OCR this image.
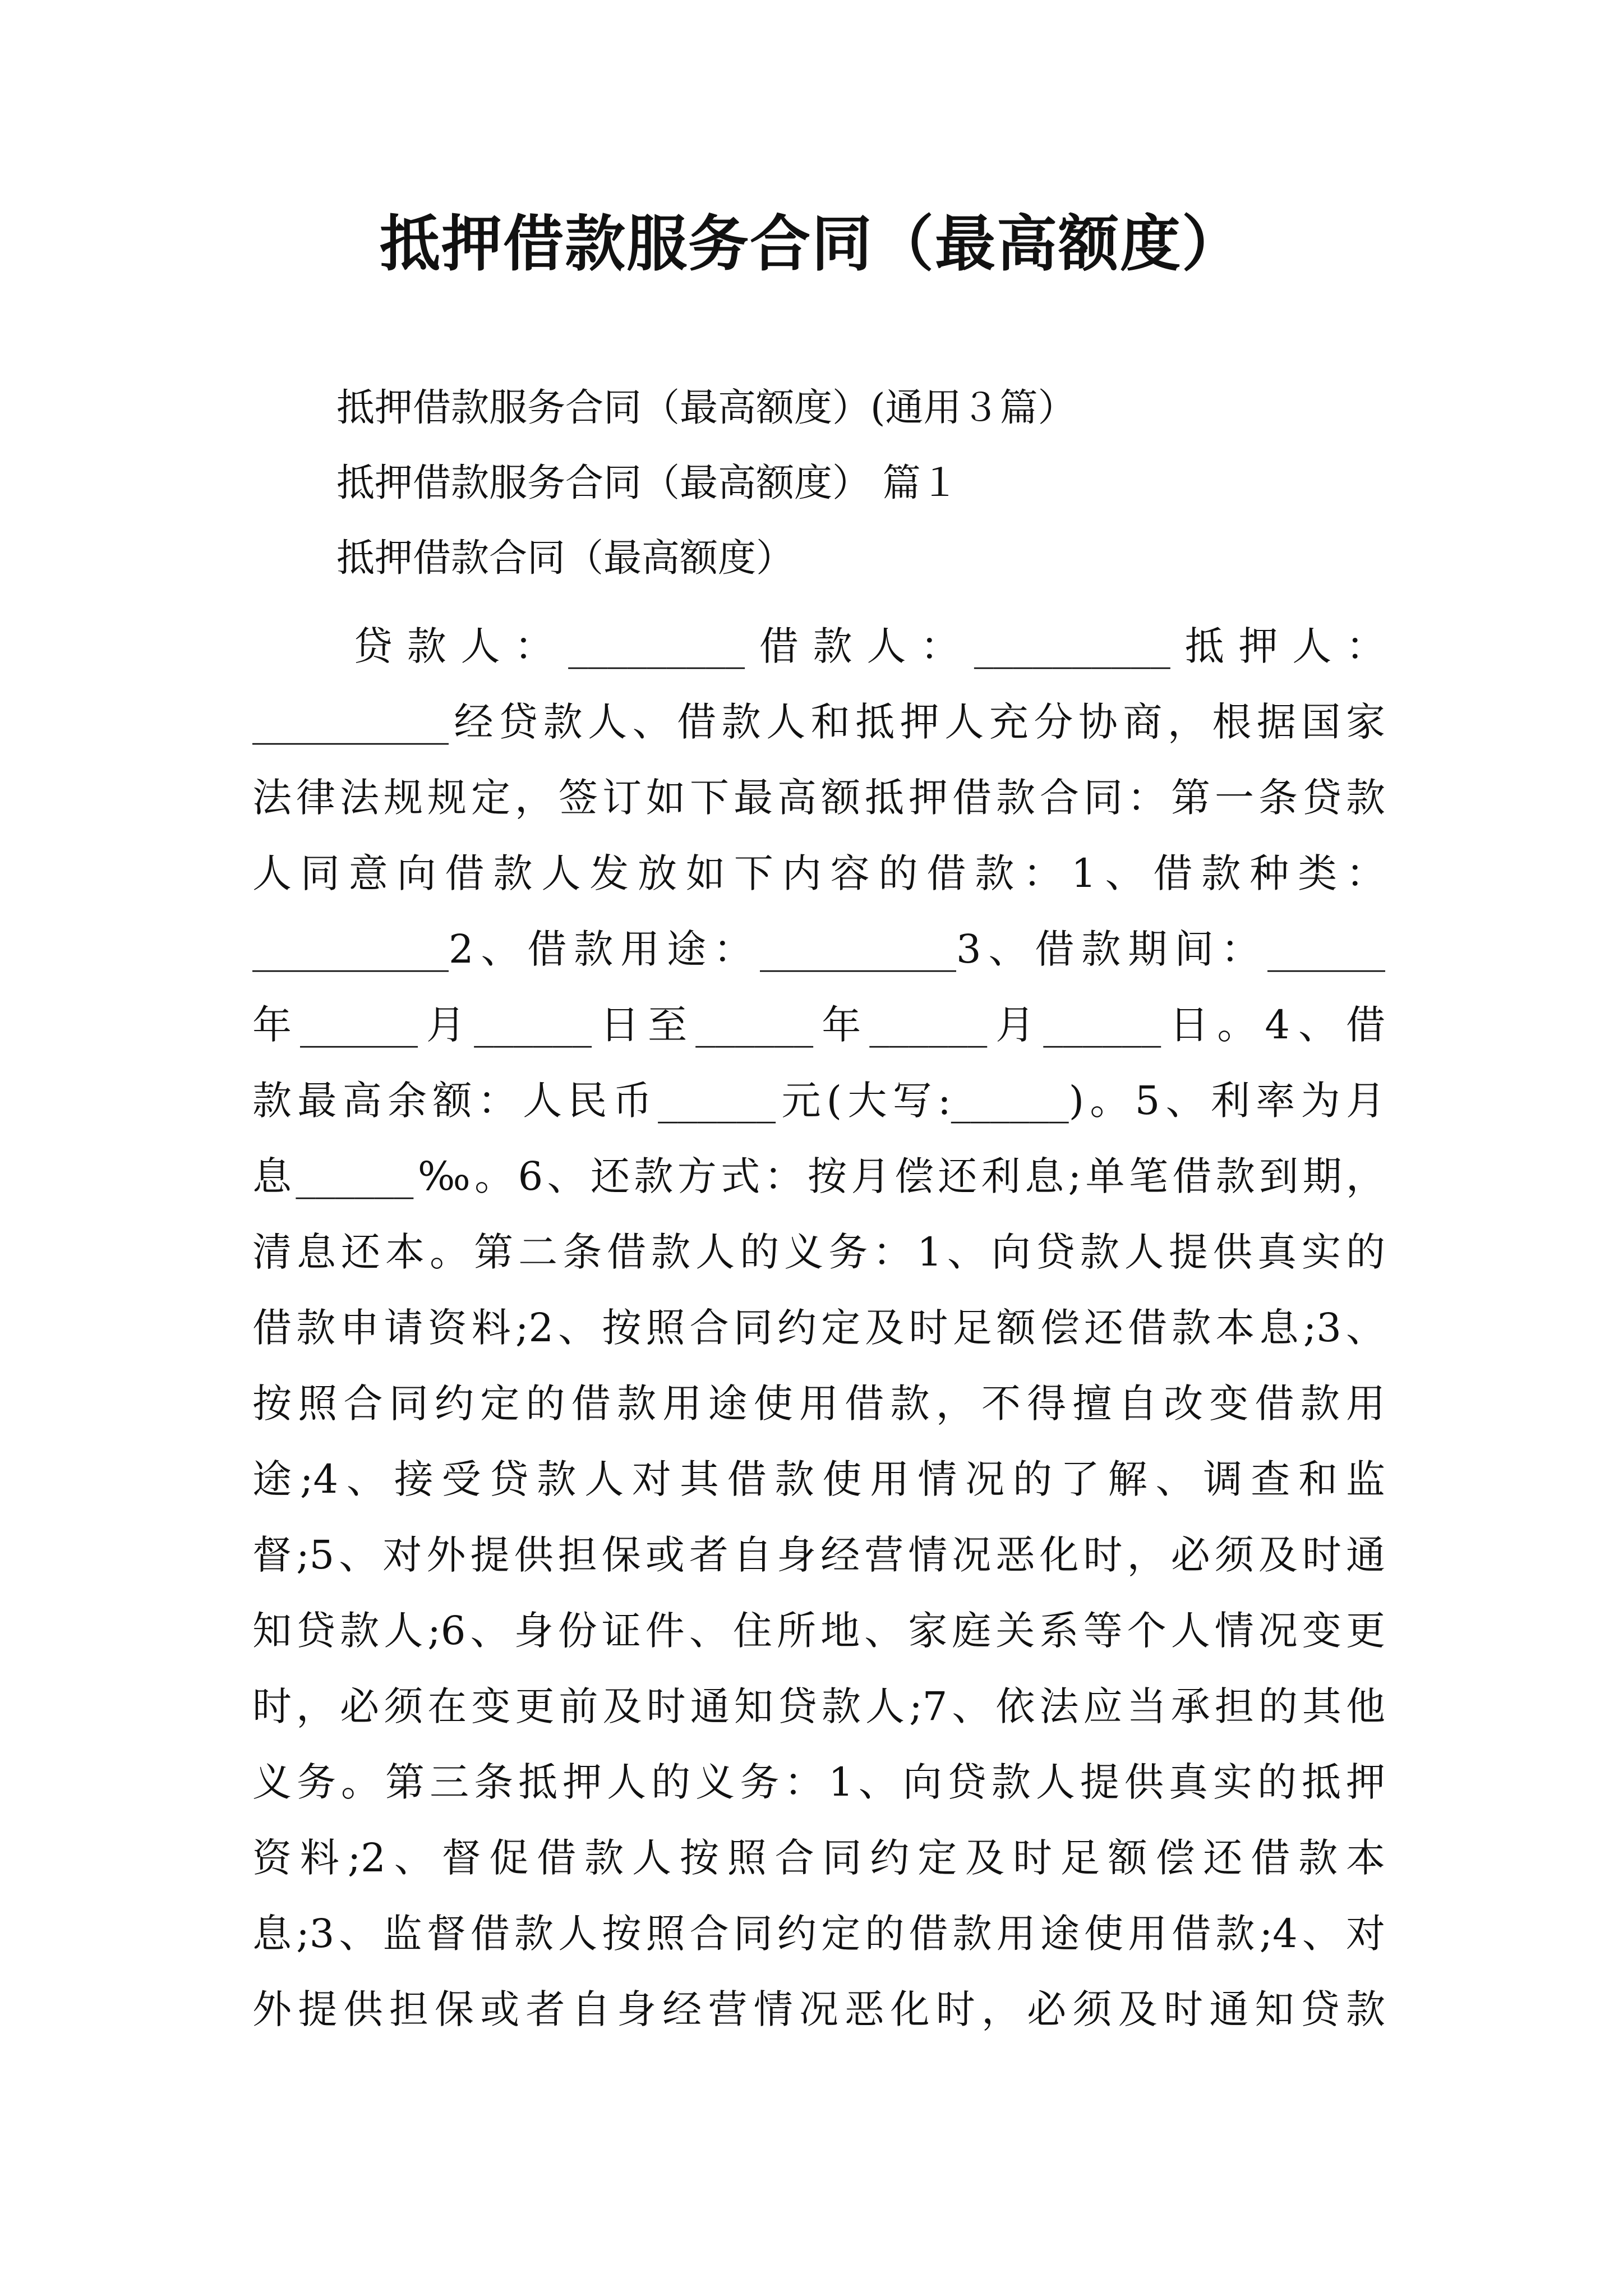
抵押借款服务合同（最高额度）

抵押借款服务合同（最高额度）(通用３篇）

抵押借款服务合同（最高额度） 篇１

抵押借款合同（最高额度）

贷款人：_________借款人：__________抵押人：
__________经贷款人、借款人和抵押人充分协商，根据国家
法律法规规定，签订如下最高额抵押借款合同：第一条贷款
人同意向借款人发放如下内容的借款：1、借款种类：
__________2、借款用途：__________3、借款期间：______
年______月______日至______年______月______日。4、借
款最高余额：人民币______元(大写:______)。5、利率为月
息______‰。6、还款方式：按月偿还利息;单笔借款到期，
清息还本。第二条借款人的义务：1、向贷款人提供真实的
借款申请资料;2、按照合同约定及时足额偿还借款本息;3、
按照合同约定的借款用途使用借款，不得擅自改变借款用
途;4、接受贷款人对其借款使用情况的了解、调查和监
督;5、对外提供担保或者自身经营情况恶化时，必须及时通
知贷款人;6、身份证件、住所地、家庭关系等个人情况变更
时，必须在变更前及时通知贷款人;7、依法应当承担的其他
义务。第三条抵押人的义务：1、向贷款人提供真实的抵押
资料;2、督促借款人按照合同约定及时足额偿还借款本
息;3、监督借款人按照合同约定的借款用途使用借款;4、对
外提供担保或者自身经营情况恶化时，必须及时通知贷款
